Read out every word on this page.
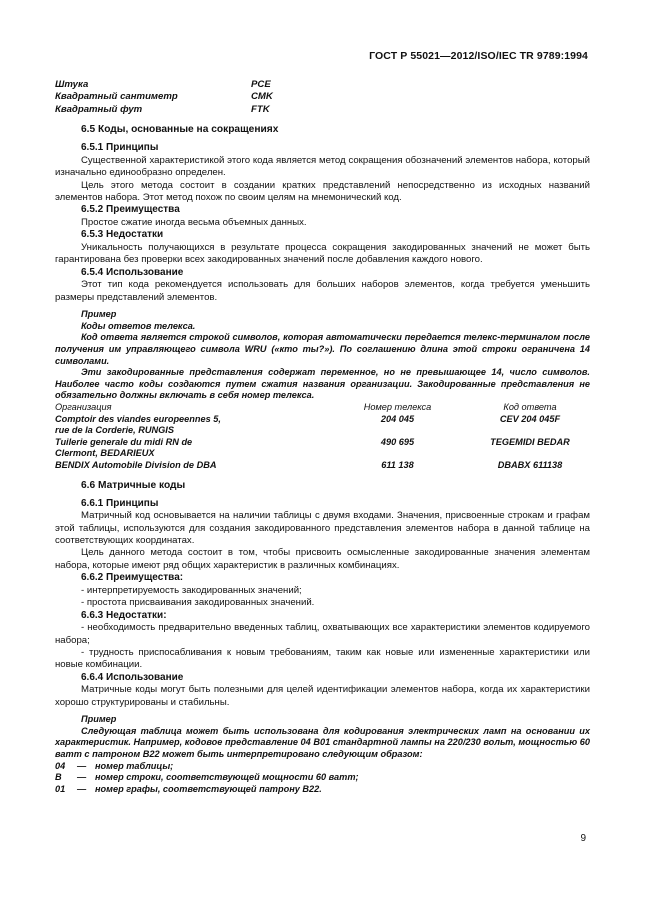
ГОСТ Р 55021—2012/ISO/IEC TR 9789:1994
Штука	PCE
Квадратный сантиметр	CMK
Квадратный фут	FTK
6.5 Коды, основанные на сокращениях
6.5.1 Принципы

Существенной характеристикой этого кода является метод сокращения обозначений элементов набора, который изначально единообразно определен.

Цель этого метода состоит в создании кратких представлений непосредственно из исходных названий элементов набора. Этот метод похож по своим целям на мнемонический код.

6.5.2 Преимущества

Простое сжатие иногда весьма объемных данных.

6.5.3 Недостатки

Уникальность получающихся в результате процесса сокращения закодированных значений не может быть гарантирована без проверки всех закодированных значений после добавления каждого нового.

6.5.4 Использование

Этот тип кода рекомендуется использовать для больших наборов элементов, когда требуется уменьшить размеры представлений элементов.

Пример

Коды ответов телекса.

Код ответа является строкой символов, которая автоматически передается телекс-терминалом после получения им управляющего символа WRU («кто ты?»). По соглашению длина этой строки ограничена 14 символами.

Эти закодированные представления содержат переменное, но не превышающее 14, число символов. Наиболее часто коды создаются путем сжатия названия организации. Закодированные представления не обязательно должны включать в себя номер телекса.

Организация	Номер телекса	Код ответа
Comptoir des viandes europeennes 5,
rue de la Corderie, RUNGIS
204 045	CEV 204 045F
Tuilerie generale du midi RN de
Clermont, BEDARIEUX
490 695	TEGEMIDI BEDAR
BENDIX Automobile Division de DBA	611 138	DBABX 611138
6.6 Матричные коды
6.6.1 Принципы

Матричный код основывается на наличии таблицы с двумя входами. Значения, присвоенные строкам и графам этой таблицы, используются для создания закодированного представления элементов набора в данной таблице на соответствующих координатах.

Цель данного метода состоит в том, чтобы присвоить осмысленные закодированные значения элементам набора, которые имеют ряд общих характеристик в различных комбинациях.

6.6.2 Преимущества:

- интерпретируемость закодированных значений;

- простота присваивания закодированных значений.

6.6.3 Недостатки:

- необходимость предварительно введенных таблиц, охватывающих все характеристики элементов кодируемого набора;

- трудность приспосабливания к новым требованиям, таким как новые или измененные характеристики или новые комбинации.

6.6.4 Использование

Матричные коды могут быть полезными для целей идентификации элементов набора, когда их характеристики хорошо структурированы и стабильны.

Пример

Следующая таблица может быть использована для кодирования электрических ламп на основании их характеристик. Например, кодовое представление 04 B01 стандартной лампы на 220/230 вольт, мощностью 60 ватт с патроном B22 может быть интерпретировано следующим образом:

04	— номер таблицы;
B	— номер строки, соответствующей мощности 60 ватт;
01	— номер графы, соответствующей патрону B22.
9
